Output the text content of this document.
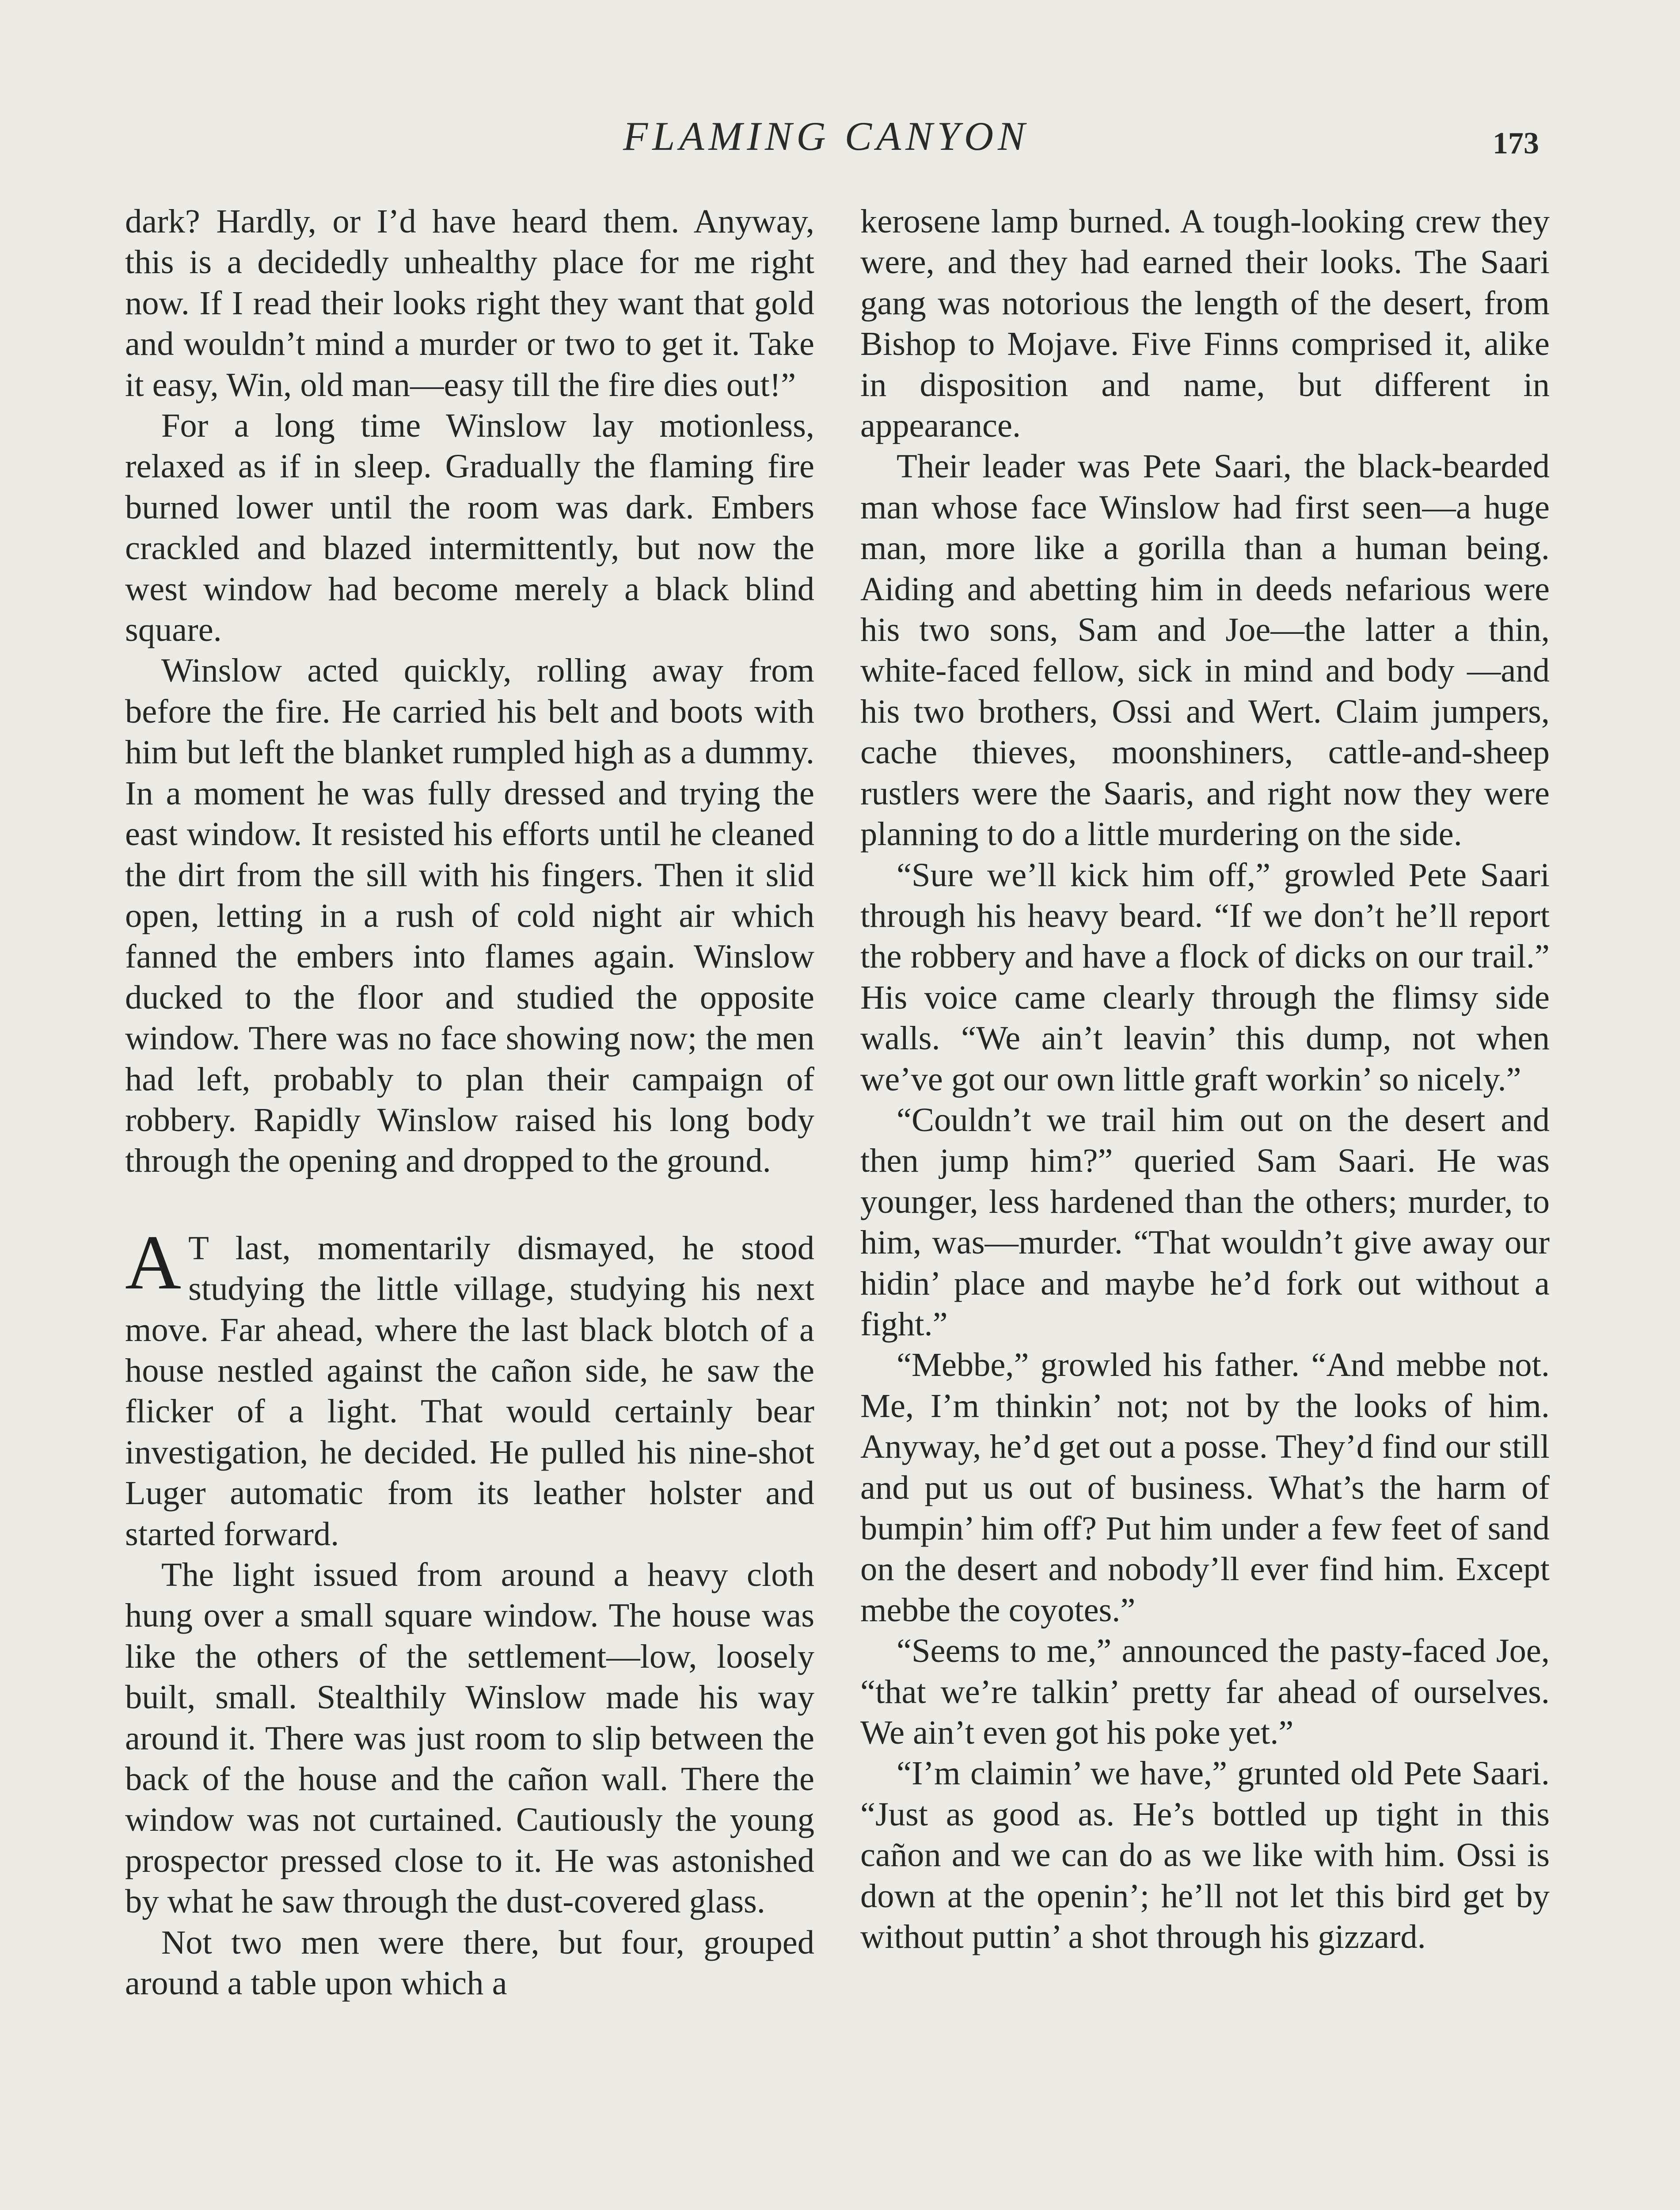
FLAMING CANYON	173

dark? Hardly, or I’d have heard them. Anyway, this is a decidedly unhealthy place for me right now. If I read their looks right they want that gold and wouldn’t mind a murder or two to get it. Take it easy, Win, old man—easy till the fire dies out!”

For a long time Winslow lay motionless, relaxed as if in sleep. Gradually the flaming fire burned lower until the room was dark. Embers crackled and blazed intermittently, but now the west window had become merely a black blind square.

Winslow acted quickly, rolling away from before the fire. He carried his belt and boots with him but left the blanket rumpled high as a dummy. In a moment he was fully dressed and trying the east window. It resisted his efforts until he cleaned the dirt from the sill with his fingers. Then it slid open, letting in a rush of cold night air which fanned the embers into flames again. Winslow ducked to the floor and studied the opposite window. There was no face showing now; the men had left, probably to plan their campaign of robbery. Rapidly Winslow raised his long body through the opening and dropped to the ground.

A T last, momentarily dismayed, he stood studying the little village, studying his next move. Far ahead, where the last black blotch of a house nestled against the cañon side, he saw the flicker of a light. That would certainly bear investigation, he decided. He pulled his nine-shot Luger automatic from its leather holster and started forward.

The light issued from around a heavy cloth hung over a small square window. The house was like the others of the settlement—low, loosely built, small. Stealthily Winslow made his way around it. There was just room to slip between the back of the house and the cañon wall. There the window was not curtained. Cautiously the young prospector pressed close to it. He was astonished by what he saw through the dust-covered glass.

Not two men were there, but four, grouped around a table upon which a

kerosene lamp burned. A tough-looking crew they were, and they had earned their looks. The Saari gang was notorious the length of the desert, from Bishop to Mojave. Five Finns comprised it, alike in disposition and name, but different in appearance.

Their leader was Pete Saari, the black-bearded man whose face Winslow had first seen—a huge man, more like a gorilla than a human being. Aiding and abetting him in deeds nefarious were his two sons, Sam and Joe—the latter a thin, white-faced fellow, sick in mind and body —and his two brothers, Ossi and Wert. Claim jumpers, cache thieves, moonshiners, cattle-and-sheep rustlers were the Saaris, and right now they were planning to do a little murdering on the side.

“Sure we’ll kick him off,” growled Pete Saari through his heavy beard. “If we don’t he’ll report the robbery and have a flock of dicks on our trail.” His voice came clearly through the flimsy side walls. “We ain’t leavin’ this dump, not when we’ve got our own little graft workin’ so nicely.”

“Couldn’t we trail him out on the desert and then jump him?” queried Sam Saari. He was younger, less hardened than the others; murder, to him, was—murder. “That wouldn’t give away our hidin’ place and maybe he’d fork out without a fight.”

“Mebbe,” growled his father. “And mebbe not. Me, I’m thinkin’ not; not by the looks of him. Anyway, he’d get out a posse. They’d find our still and put us out of business. What’s the harm of bumpin’ him off? Put him under a few feet of sand on the desert and nobody’ll ever find him. Except mebbe the coyotes.”

“Seems to me,” announced the pasty-faced Joe, “that we’re talkin’ pretty far ahead of ourselves. We ain’t even got his poke yet.”

“I’m claimin’ we have,” grunted old Pete Saari. “Just as good as. He’s bottled up tight in this cañon and we can do as we like with him. Ossi is down at the openin’; he’ll not let this bird get by without puttin’ a shot through his gizzard.
